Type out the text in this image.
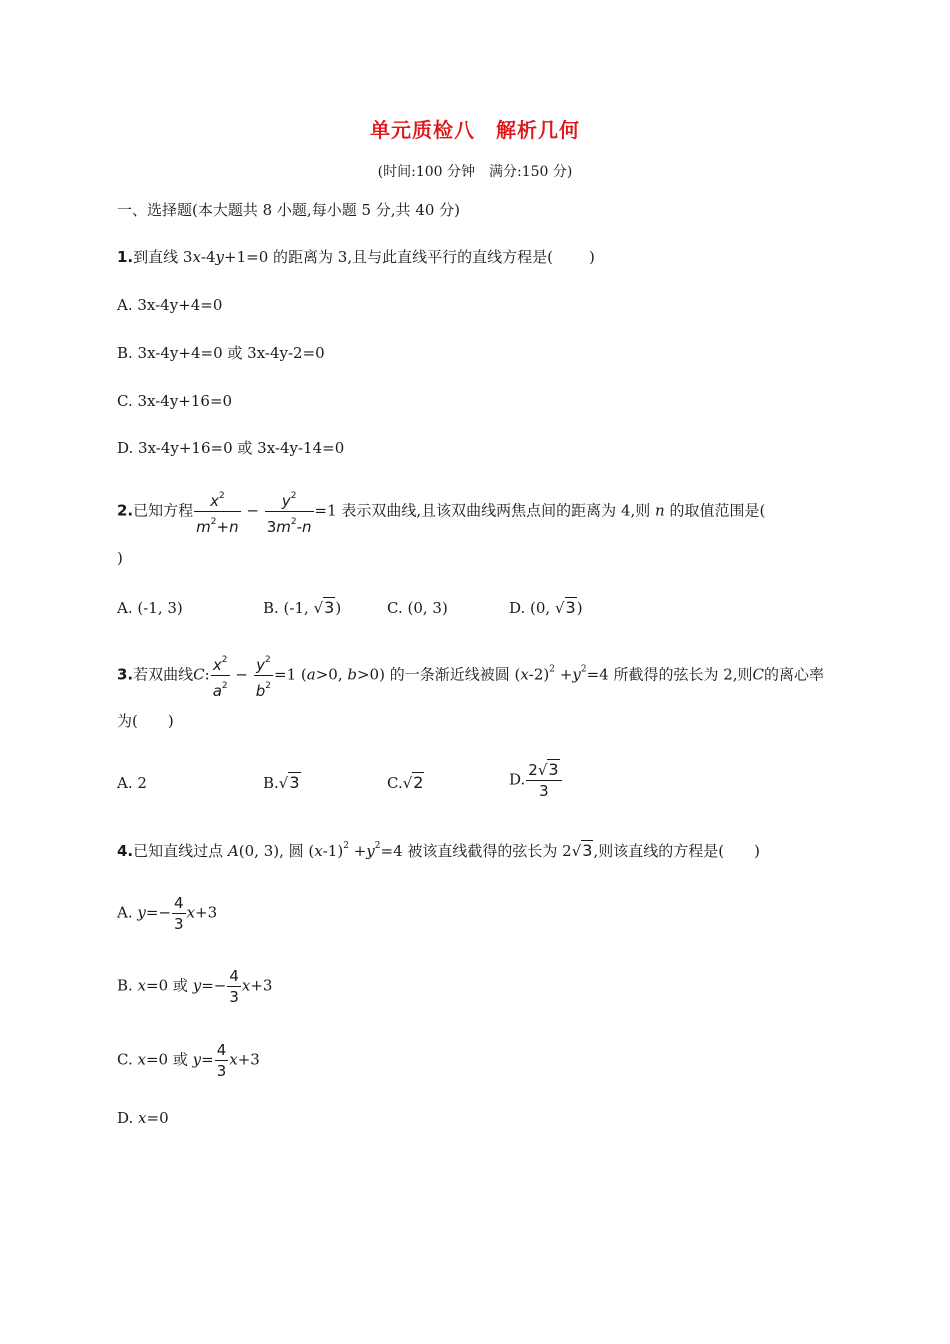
单元质检八　解析几何
(时间:100 分钟　满分:150 分)
一、选择题(本大题共 8 小题,每小题 5 分,共 40 分)
1.到直线 3x-4y+1=0 的距离为 3,且与此直线平行的直线方程是( )
A. 3x-4y+4=0
B. 3x-4y+4=0 或 3x-4y-2=0
C. 3x-4y+16=0
D. 3x-4y+16=0 或 3x-4y-14=0
2.已知方程 $\frac{x^2}{m^2+n} - \frac{y^2}{3m^2-n} =1$ 表示双曲线,且该双曲线两焦点间的距离为 4,则 n 的取值范围是(
)
A. (-1, 3)	B. (-1, √3)	C. (0, 3)	D. (0, √3)
3.若双曲线C: $\frac{x^2}{a^2} - \frac{y^2}{b^2} =1$ (a>0, b>0) 的一条渐近线被圆 $(x-2)^2 +y^2=4$ 所截得的弦长为 2,则C的离心率
为(　　)
A. 2	B.√3	C.√2	D. $\frac{2√3}{3}$
4.已知直线过点 A(0, 3), 圆 $(x-1)^2 +y^2=4$ 被该直线截得的弦长为 2√3,则该直线的方程是(　　)
A. $y=- \frac{4}{3} x+3$
B. x=0 或 $y=- \frac{4}{3} x+3$
C. x=0 或 $y= \frac{4}{3} x+3$
D. x=0
